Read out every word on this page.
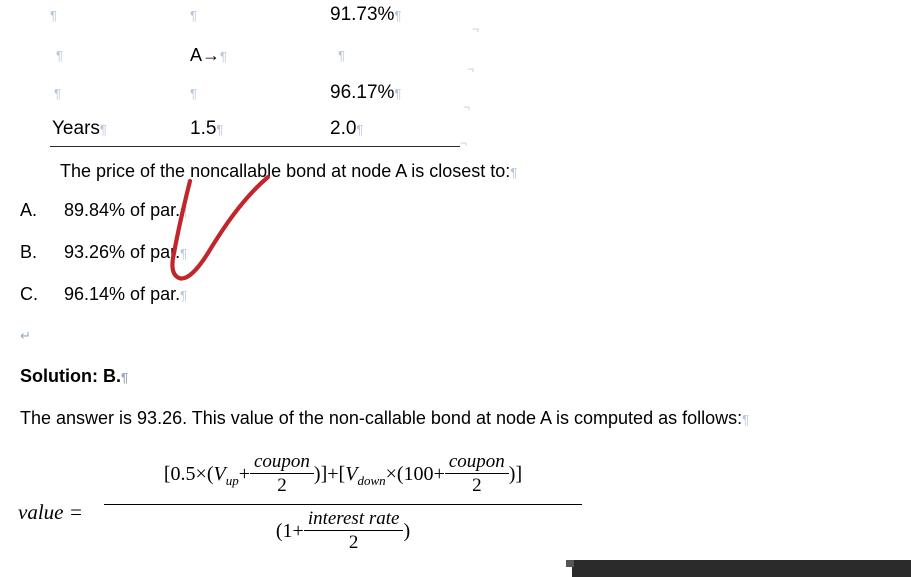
¶	¶	91.73%¶
¶	A→¶	¶
¶	¶	96.17%¶
Years¶	1.5¶	2.0¶
¬
¬
¬
¬
The price of the noncallable bond at node A is closest to:¶
A. 89.84% of par.¶
B. 93.26% of par.¶
C. 96.14% of par.¶
↵
Solution: B.¶
The answer is 93.26. This value of the non-callable bond at node A is computed as follows:¶
value =
[$0.5\times(V_{up}+$
coupon
2
)]$+[V_{down}\times(100+$
coupon
2
)]
(1+
interest rate
2
)
